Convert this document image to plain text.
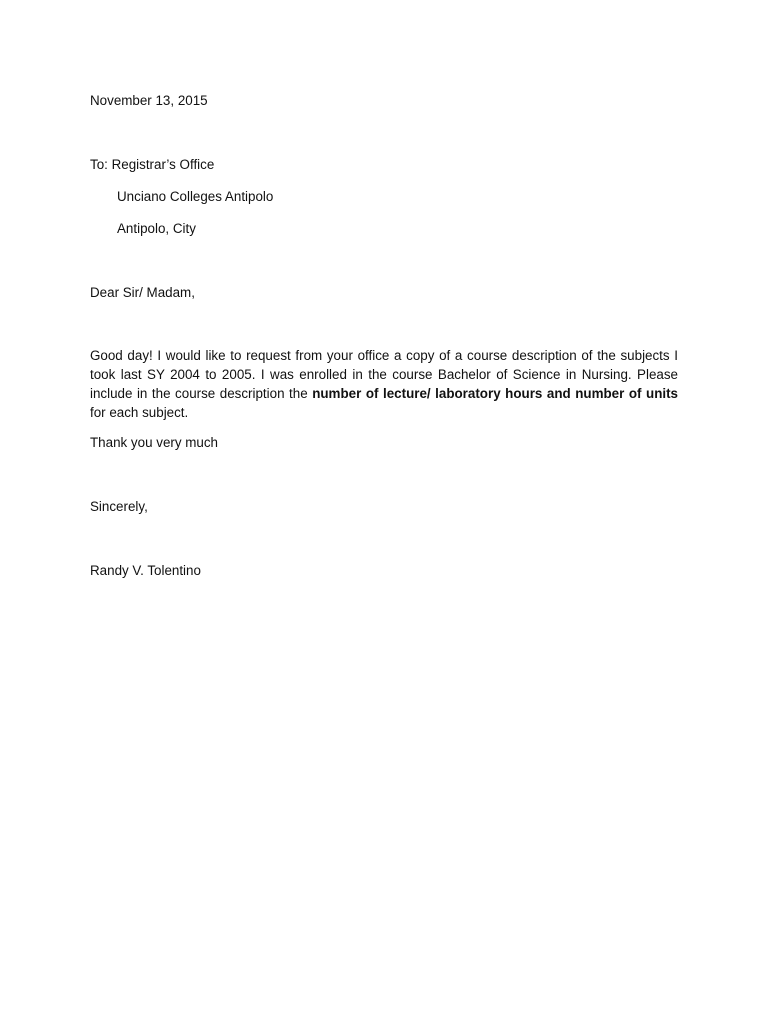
November 13, 2015
To: Registrar’s Office
Unciano Colleges Antipolo
Antipolo, City
Dear Sir/ Madam,
Good day! I would like to request from your office a copy of a course description of the subjects I took last SY 2004 to 2005. I was enrolled in the course Bachelor of Science in Nursing. Please include in the course description the number of lecture/ laboratory hours and number of units for each subject.
Thank you very much
Sincerely,
Randy V. Tolentino
